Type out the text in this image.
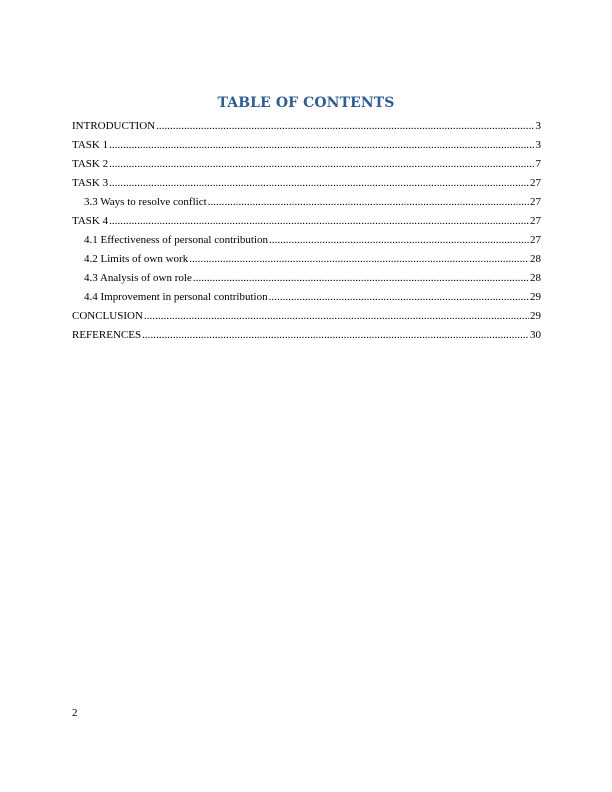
TABLE OF CONTENTS
INTRODUCTION .....	3
TASK 1 .....	3
TASK 2 .....	7
TASK 3 .....	27
3.3 Ways to resolve conflict .....	27
TASK 4 .....	27
4.1 Effectiveness of personal contribution .....	27
4.2 Limits of own work .....	28
4.3 Analysis of own role .....	28
4.4 Improvement in personal contribution .....	29
CONCLUSION .....	29
REFERENCES .....	30
2
